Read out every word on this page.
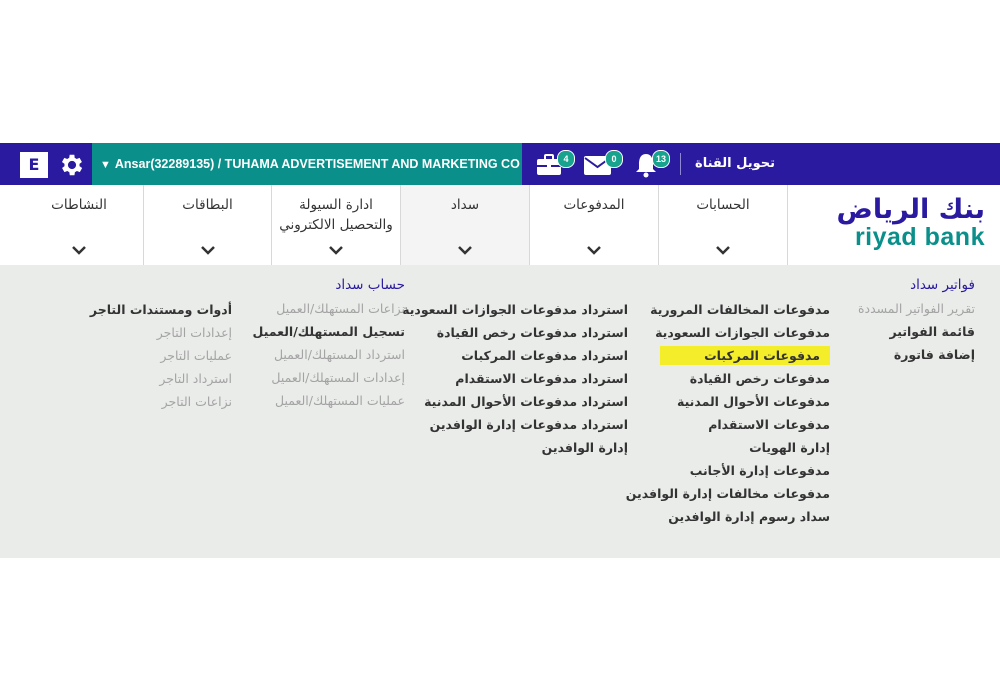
E	▼ Ansar(32289135) / TUHAMA ADVERTISEMENT AND MARKETING CO	4	0	13	تحويل القناة
الحسابات
المدفوعات
سداد
ادارة السيولة والتحصيل الالكتروني
البطاقات
النشاطات	بنك الرياض
riyad bank
فواتير سداد
تقرير الفواتير المسددة
قائمة الفواتير
إضافة فاتورة
مدفوعات المخالفات المرورية
مدفوعات الجوازات السعودية
مدفوعات المركبات
مدفوعات رخص القيادة
مدفوعات الأحوال المدنية
مدفوعات الاستقدام
إدارة الهويات
مدفوعات إدارة الأجانب
مدفوعات مخالفات إدارة الوافدين
سداد رسوم إدارة الوافدين
استرداد مدفوعات الجوازات السعودية
استرداد مدفوعات رخص القيادة
استرداد مدفوعات المركبات
استرداد مدفوعات الاستقدام
استرداد مدفوعات الأحوال المدنية
استرداد مدفوعات إدارة الوافدين
إدارة الوافدين
حساب سداد
نزاعات المستهلك/العميل
تسجيل المستهلك/العميل
استرداد المستهلك/العميل
إعدادات المستهلك/العميل
عمليات المستهلك/العميل
أدوات ومستندات التاجر
إعدادات التاجر
عمليات التاجر
استرداد التاجر
نزاعات التاجر
